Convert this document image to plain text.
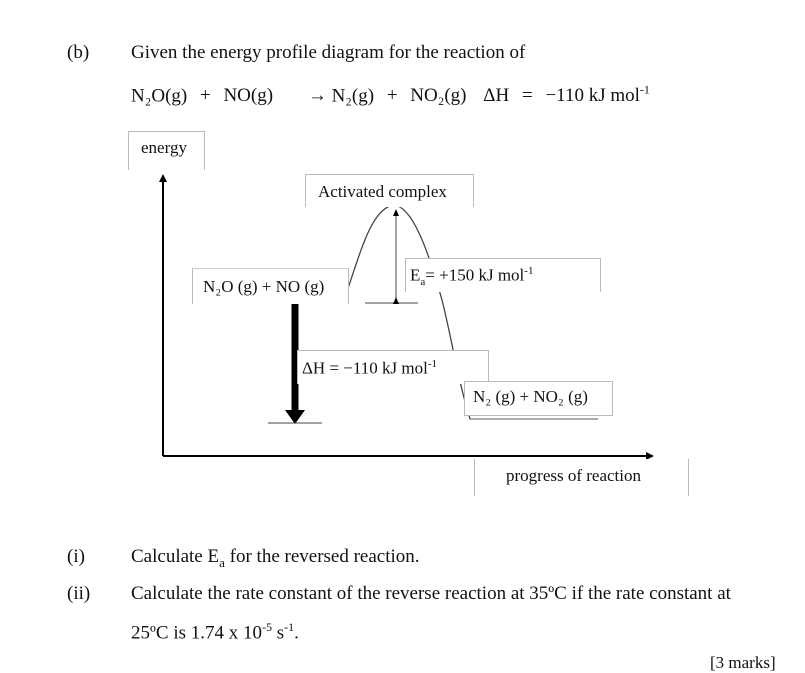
(b) Given the energy profile diagram for the reaction of
N₂O(g) + NO(g) → N₂(g) + NO₂(g) ΔH = −110 kJ mol$^{-1}$
energy
Activated complex
N₂O (g) + NO (g)
$E_a= +150$ kJ mol$^{-1}$
ΔH = −110 kJ mol$^{-1}$
N₂ (g) + NO₂ (g)
progress of reaction
(i) Calculate $E_a$ for the reversed reaction.
(ii) Calculate the rate constant of the reverse reaction at 35ºC if the rate constant at
25ºC is 1.74 x $10^{-5}$ $s^{-1}$.
[3 marks]
